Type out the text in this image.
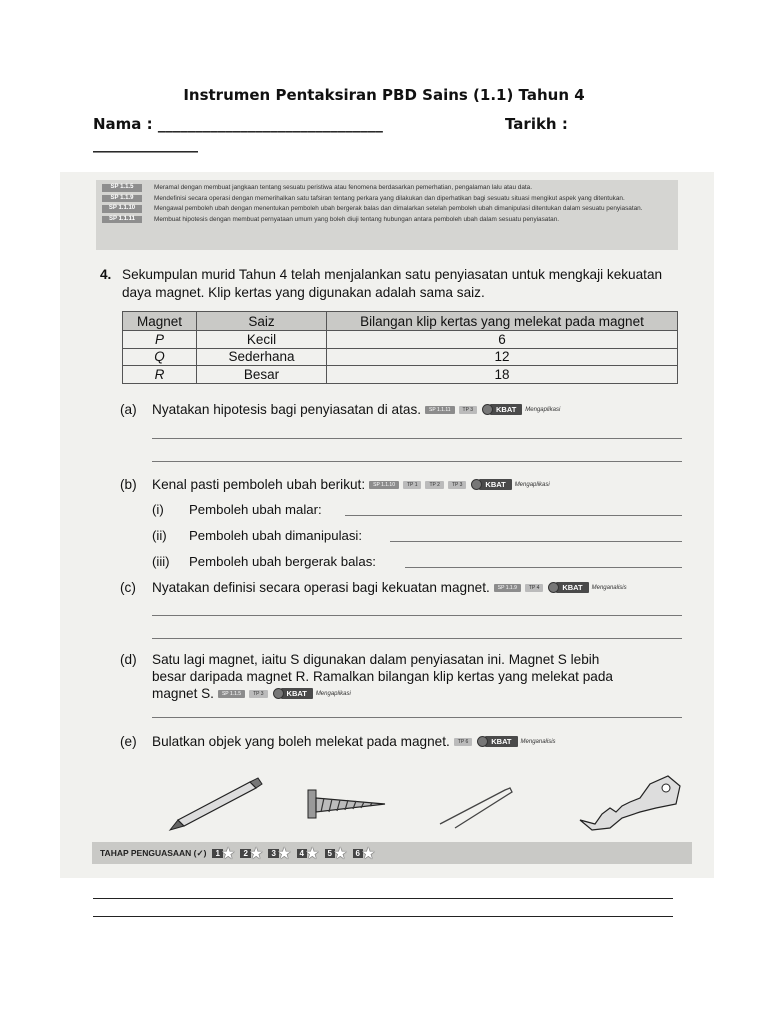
Instrumen Pentaksiran PBD Sains (1.1) Tahun 4
Nama : ______________________________	Tarikh :
______________
SP 1.1.5	Meramal dengan membuat jangkaan tentang sesuatu peristiwa atau fenomena berdasarkan pemerhatian, pengalaman lalu atau data.
SP 1.1.9	Mendefinisi secara operasi dengan memerihalkan satu tafsiran tentang perkara yang dilakukan dan diperhatikan bagi sesuatu situasi mengikut aspek yang ditentukan.
SP 1.1.10	Mengawal pemboleh ubah dengan menentukan pemboleh ubah bergerak balas dan dimalarkan setelah pemboleh ubah dimanipulasi ditentukan dalam sesuatu penyiasatan.
SP 1.1.11	Membuat hipotesis dengan membuat pernyataan umum yang boleh diuji tentang hubungan antara pemboleh ubah dalam sesuatu penyiasatan.
4. Sekumpulan murid Tahun 4 telah menjalankan satu penyiasatan untuk mengkaji kekuatan daya magnet. Klip kertas yang digunakan adalah sama saiz.
Magnet	Saiz	Bilangan klip kertas yang melekat pada magnet
P	Kecil	6
Q	Sederhana	12
R	Besar	18
(a)	Nyatakan hipotesis bagi penyiasatan di atas.	SP 1.1.11	TP 3	KBAT	Mengaplikasi
(b)	Kenal pasti pemboleh ubah berikut:	SP 1.1.10	TP 1	TP 2	TP 3	KBAT	Mengaplikasi
(i)	Pemboleh ubah malar:
(ii)	Pemboleh ubah dimanipulasi:
(iii)	Pemboleh ubah bergerak balas:
(c)	Nyatakan definisi secara operasi bagi kekuatan magnet.	SP 1.1.9	TP 4	KBAT	Menganalisis
(d)	Satu lagi magnet, iaitu S digunakan dalam penyiasatan ini. Magnet S lebih
besar daripada magnet R. Ramalkan bilangan klip kertas yang melekat pada
magnet S.	SP 1.1.5	TP 3	KBAT	Mengaplikasi
(e)	Bulatkan objek yang boleh melekat pada magnet.	TP 6	KBAT	Menganalisis
TAHAP PENGUASAAN (✓)	1 ★	2 ★	3 ★	4 ★	5 ★	6 ★
